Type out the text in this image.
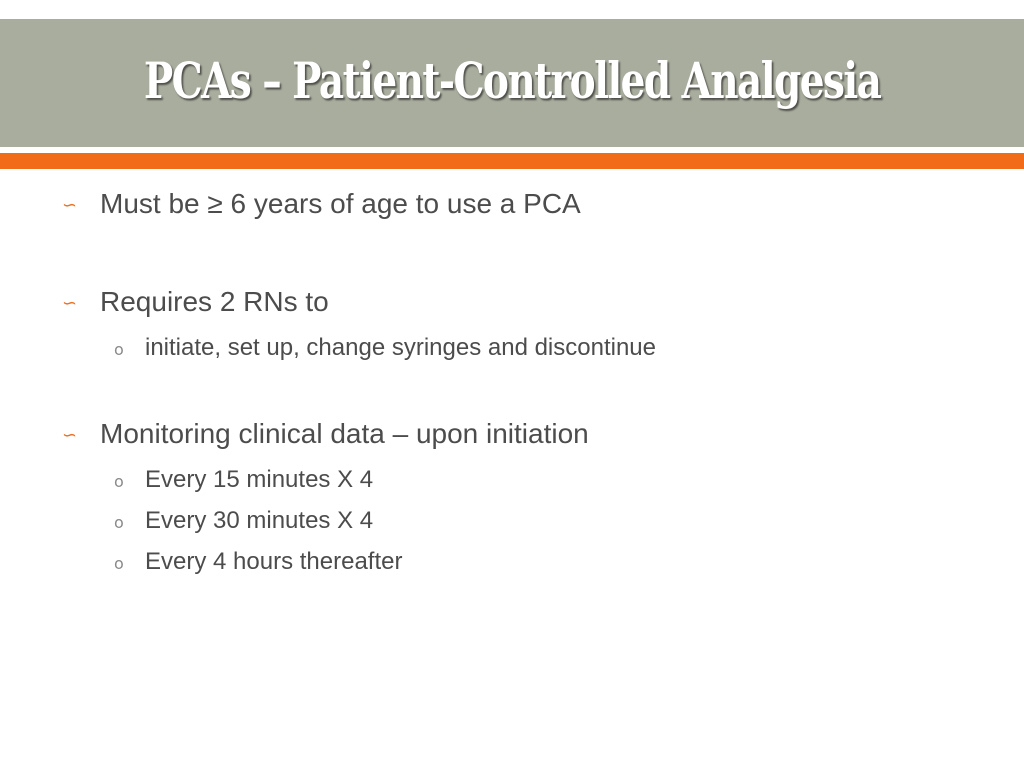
PCAs – Patient-Controlled Analgesia
∽ Must be ≥ 6 years of age to use a PCA
∽ Requires 2 RNs to
o initiate, set up, change syringes and discontinue
∽ Monitoring clinical data – upon initiation
o Every 15 minutes X 4
o Every 30 minutes X 4
o Every 4 hours thereafter
